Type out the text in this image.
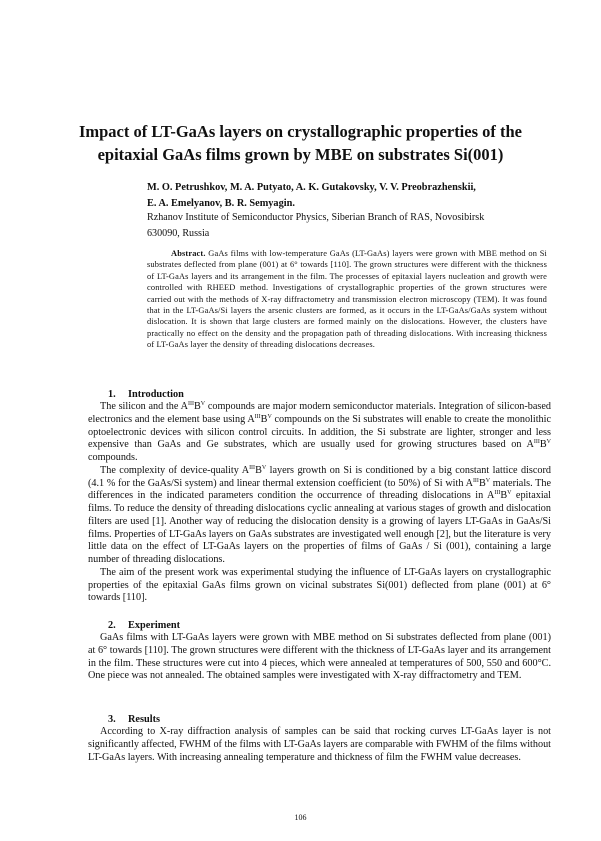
Impact of LT-GaAs layers on crystallographic properties of the
epitaxial GaAs films grown by MBE on substrates Si(001)
M. O. Petrushkov, M. A. Putyato, A. K. Gutakovsky, V. V. Preobrazhenskii,
E. A. Emelyanov, B. R. Semyagin.
Rzhanov Institute of Semiconductor Physics, Siberian Branch of RAS, Novosibirsk
630090, Russia
Abstract. GaAs films with low-temperature GaAs (LT-GaAs) layers were grown with MBE method on Si substrates deflected from plane (001) at 6° towards [110]. The grown structures were different with the thickness of LT-GaAs layers and its arrangement in the film. The processes of epitaxial layers nucleation and growth were controlled with RHEED method. Investigations of crystallographic properties of the grown structures were carried out with the methods of X-ray diffractometry and transmission electron microscopy (TEM). It was found that in the LT-GaAs/Si layers the arsenic clusters are formed, as it occurs in the LT-GaAs/GaAs system without dislocation. It is shown that large clusters are formed mainly on the dislocations. However, the clusters have practically no effect on the density and the propagation path of threading dislocations. With increasing thickness of LT-GaAs layer the density of threading dislocations decreases.
1. Introduction

The silicon and the $A^{III}B^V$ compounds are major modern semiconductor materials. Integration of silicon-based electronics and the element base using $A^{III}B^V$ compounds on the Si substrates will enable to create the monolithic optoelectronic devices with silicon control circuits. In addition, the Si substrate are lighter, stronger and less expensive than GaAs and Ge substrates, which are usually used for growing structures based on $A^{III}B^V$ compounds.

The complexity of device-quality $A^{III}B^V$ layers growth on Si is conditioned by a big constant lattice discord (4.1 % for the GaAs/Si system) and linear thermal extension coefficient (to 50%) of Si with $A^{III}B^V$ materials. The differences in the indicated parameters condition the occurrence of threading dislocations in $A^{III}B^V$ epitaxial films. To reduce the density of threading dislocations cyclic annealing at various stages of growth and dislocation filters are used [1]. Another way of reducing the dislocation density is a growing of layers LT-GaAs in GaAs/Si films. Properties of LT-GaAs layers on GaAs substrates are investigated well enough [2], but the literature is very little data on the effect of LT-GaAs layers on the properties of films of GaAs / Si (001), containing a large number of threading dislocations.

The aim of the present work was experimental studying the influence of LT-GaAs layers on crystallographic properties of the epitaxial GaAs films grown on vicinal substrates Si(001) deflected from plane (001) at 6° towards [110].

2. Experiment

GaAs films with LT-GaAs layers were grown with MBE method on Si substrates deflected from plane (001) at 6° towards [110]. The grown structures were different with the thickness of LT-GaAs layer and its arrangement in the film. These structures were cut into 4 pieces, which were annealed at temperatures of 500, 550 and 600°C. One piece was not annealed. The obtained samples were investigated with X-ray diffractometry and TEM.

3. Results

According to X-ray diffraction analysis of samples can be said that rocking curves LT-GaAs layer is not significantly affected, FWHM of the films with LT-GaAs layers are comparable with FWHM of the films without LT-GaAs layers. With increasing annealing temperature and thickness of film the FWHM value decreases.

106
